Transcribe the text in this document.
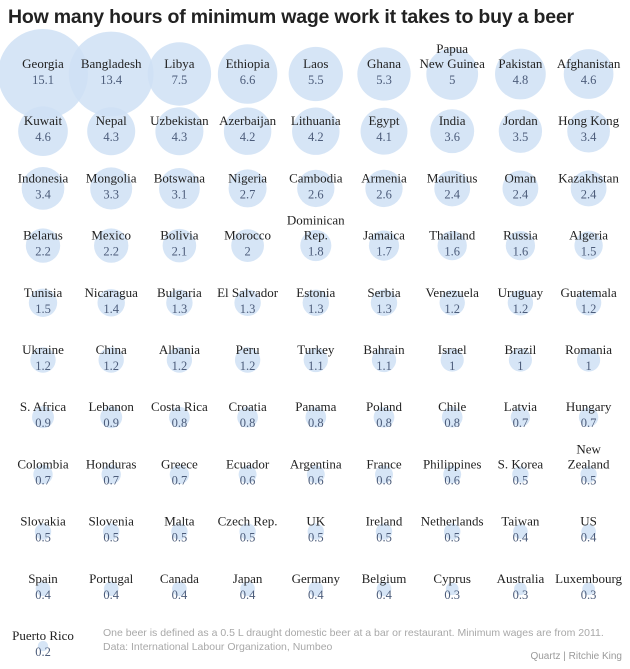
How many hours of minimum wage work it takes to buy a beer
Georgia
15.1
Bangladesh
13.4
Libya
7.5
Ethiopia
6.6
Laos
5.5
Ghana
5.3
Papua New Guinea
5
Pakistan
4.8
Afghanistan
4.6
Kuwait
4.6
Nepal
4.3
Uzbekistan
4.3
Azerbaijan
4.2
Lithuania
4.2
Egypt
4.1
India
3.6
Jordan
3.5
Hong Kong
3.4
Indonesia
3.4
Mongolia
3.3
Botswana
3.1
Nigeria
2.7
Cambodia
2.6
Armenia
2.6
Mauritius
2.4
Oman
2.4
Kazakhstan
2.4
Belarus
2.2
Mexico
2.2
Bolivia
2.1
Morocco
2
Dominican Rep.
1.8
Jamaica
1.7
Thailand
1.6
Russia
1.6
Algeria
1.5
Tunisia
1.5
Nicaragua
1.4
Bulgaria
1.3
El Salvador
1.3
Estonia
1.3
Serbia
1.3
Venezuela
1.2
Uruguay
1.2
Guatemala
1.2
Ukraine
1.2
China
1.2
Albania
1.2
Peru
1.2
Turkey
1.1
Bahrain
1.1
Israel
1
Brazil
1
Romania
1
S. Africa
0.9
Lebanon
0.9
Costa Rica
0.8
Croatia
0.8
Panama
0.8
Poland
0.8
Chile
0.8
Latvia
0.7
Hungary
0.7
Colombia
0.7
Honduras
0.7
Greece
0.7
Ecuador
0.6
Argentina
0.6
France
0.6
Philippines
0.6
S. Korea
0.5
New Zealand
0.5
Slovakia
0.5
Slovenia
0.5
Malta
0.5
Czech Rep.
0.5
UK
0.5
Ireland
0.5
Netherlands
0.5
Taiwan
0.4
US
0.4
Spain
0.4
Portugal
0.4
Canada
0.4
Japan
0.4
Germany
0.4
Belgium
0.4
Cyprus
0.3
Australia
0.3
Luxembourg
0.3
Puerto Rico
0.2
One beer is defined as a 0.5 L draught domestic beer at a bar or restaurant. Minimum wages are from 2011. Data: International Labour Organization, Numbeo
Quartz | Ritchie King
